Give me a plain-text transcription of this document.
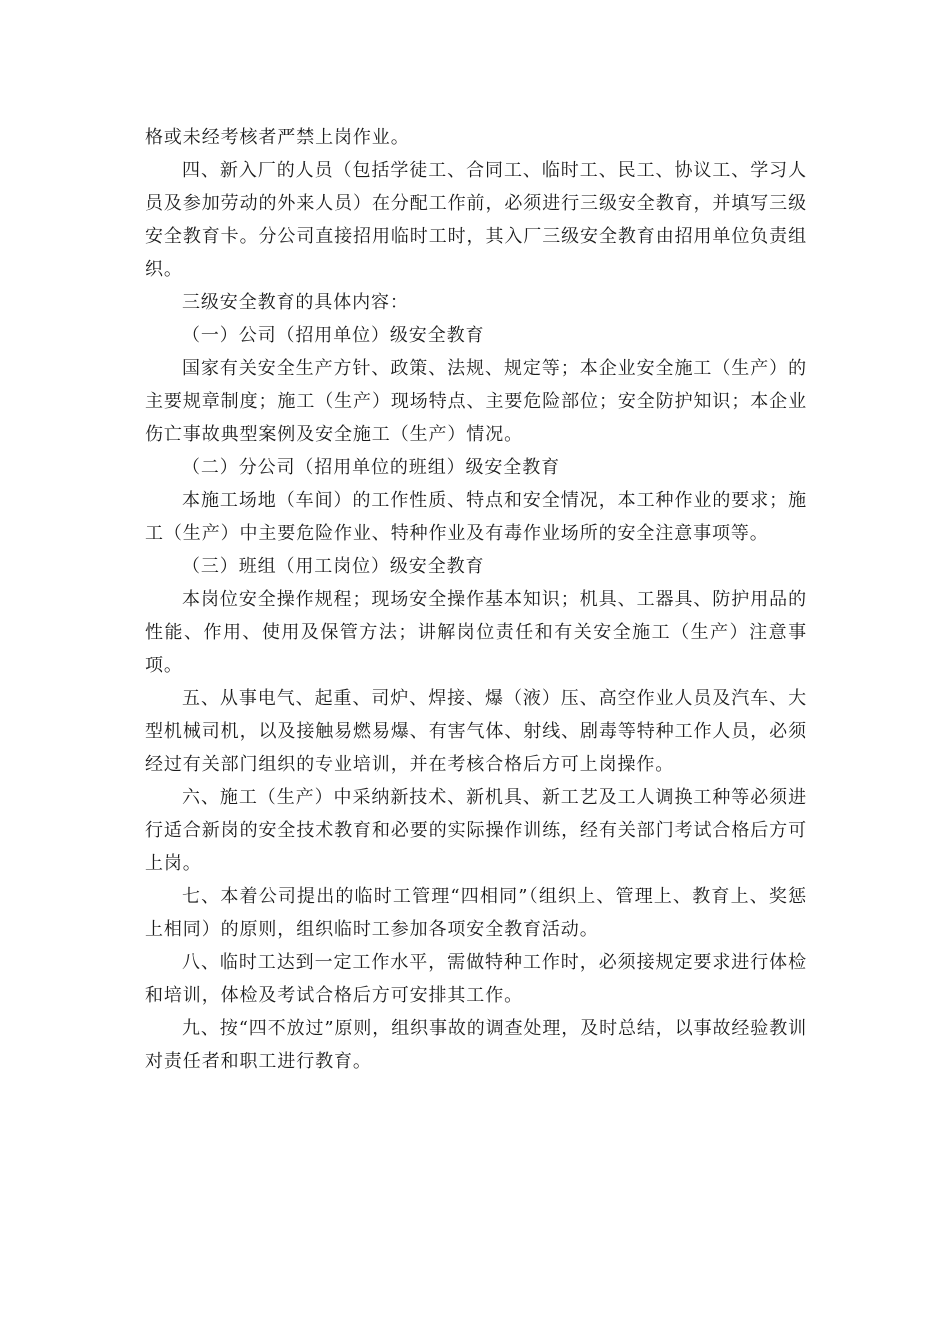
格或未经考核者严禁上岗作业。

四、新入厂的人员（包括学徒工、合同工、临时工、民工、协议工、学习人员及参加劳动的外来人员）在分配工作前，必须进行三级安全教育，并填写三级安全教育卡。分公司直接招用临时工时，其入厂三级安全教育由招用单位负责组织。

三级安全教育的具体内容：

（一）公司（招用单位）级安全教育

国家有关安全生产方针、政策、法规、规定等；本企业安全施工（生产）的主要规章制度；施工（生产）现场特点、主要危险部位；安全防护知识；本企业伤亡事故典型案例及安全施工（生产）情况。

（二）分公司（招用单位的班组）级安全教育

本施工场地（车间）的工作性质、特点和安全情况，本工种作业的要求；施工（生产）中主要危险作业、特种作业及有毒作业场所的安全注意事项等。

（三）班组（用工岗位）级安全教育

本岗位安全操作规程；现场安全操作基本知识；机具、工器具、防护用品的性能、作用、使用及保管方法；讲解岗位责任和有关安全施工（生产）注意事项。

五、从事电气、起重、司炉、焊接、爆（液）压、高空作业人员及汽车、大型机械司机，以及接触易燃易爆、有害气体、射线、剧毒等特种工作人员，必须经过有关部门组织的专业培训，并在考核合格后方可上岗操作。

六、施工（生产）中采纳新技术、新机具、新工艺及工人调换工种等必须进行适合新岗的安全技术教育和必要的实际操作训练，经有关部门考试合格后方可上岗。

七、本着公司提出的临时工管理“四相同”（组织上、管理上、教育上、奖惩上相同）的原则，组织临时工参加各项安全教育活动。

八、临时工达到一定工作水平，需做特种工作时，必须接规定要求进行体检和培训，体检及考试合格后方可安排其工作。

九、按“四不放过”原则，组织事故的调查处理，及时总结，以事故经验教训对责任者和职工进行教育。
